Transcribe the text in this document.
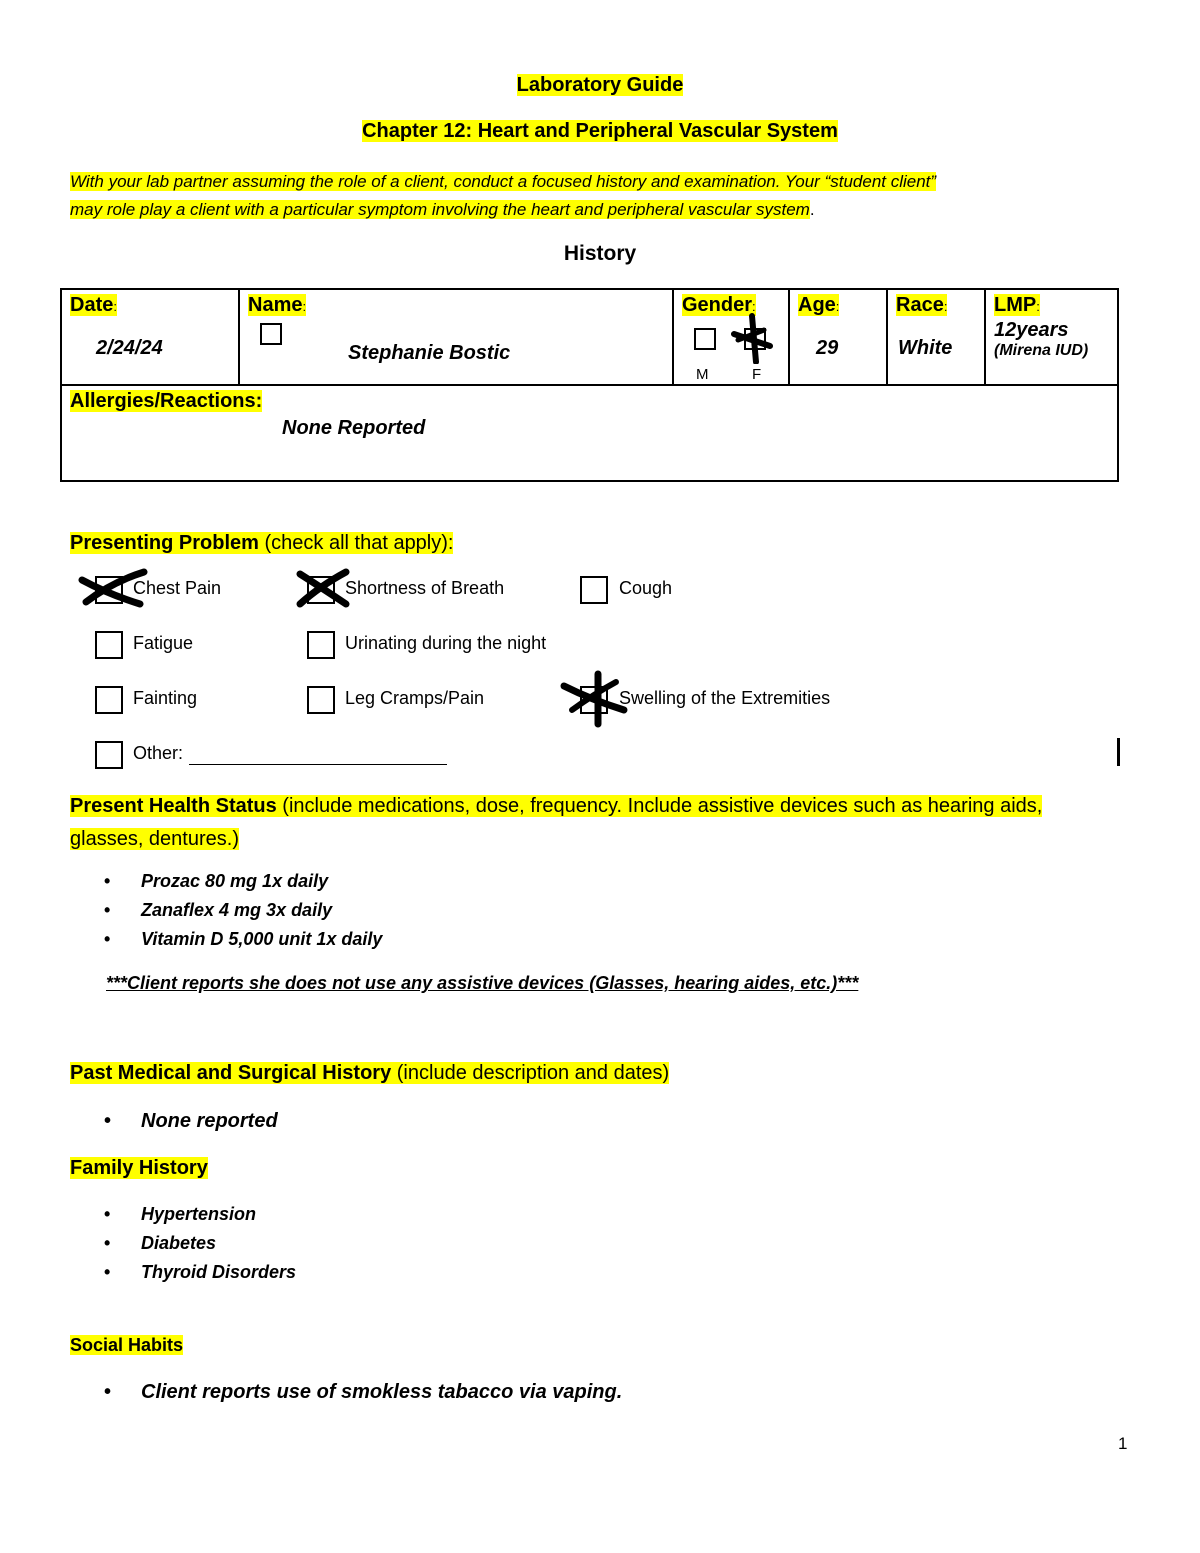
Laboratory Guide
Chapter 12: Heart and Peripheral Vascular System
With your lab partner assuming the role of a client, conduct a focused history and examination. Your “student client”
may role play a client with a particular symptom involving the heart and peripheral vascular system.
History
Date:
2/24/24
	Name:
Stephanie Bostic
	Gender:
M	F
	Age:
29
	Race:
White
	LMP:
12years
(Mirena IUD)

Allergies/Reactions:
None Reported
Presenting Problem (check all that apply):
Chest Pain	Shortness of Breath	Cough
Fatigue	Urinating during the night
Fainting	Leg Cramps/Pain	Swelling of the Extremities
Other:
Present Health Status (include medications, dose, frequency. Include assistive devices such as hearing aids,
glasses, dentures.)
• Prozac 80 mg 1x daily
• Zanaflex 4 mg 3x daily
• Vitamin D 5,000 unit 1x daily
***Client reports she does not use any assistive devices (Glasses, hearing aides, etc.)***
Past Medical and Surgical History (include description and dates)
• None reported
Family History
• Hypertension
• Diabetes
• Thyroid Disorders
Social Habits
• Client reports use of smokless tabacco via vaping.
1
